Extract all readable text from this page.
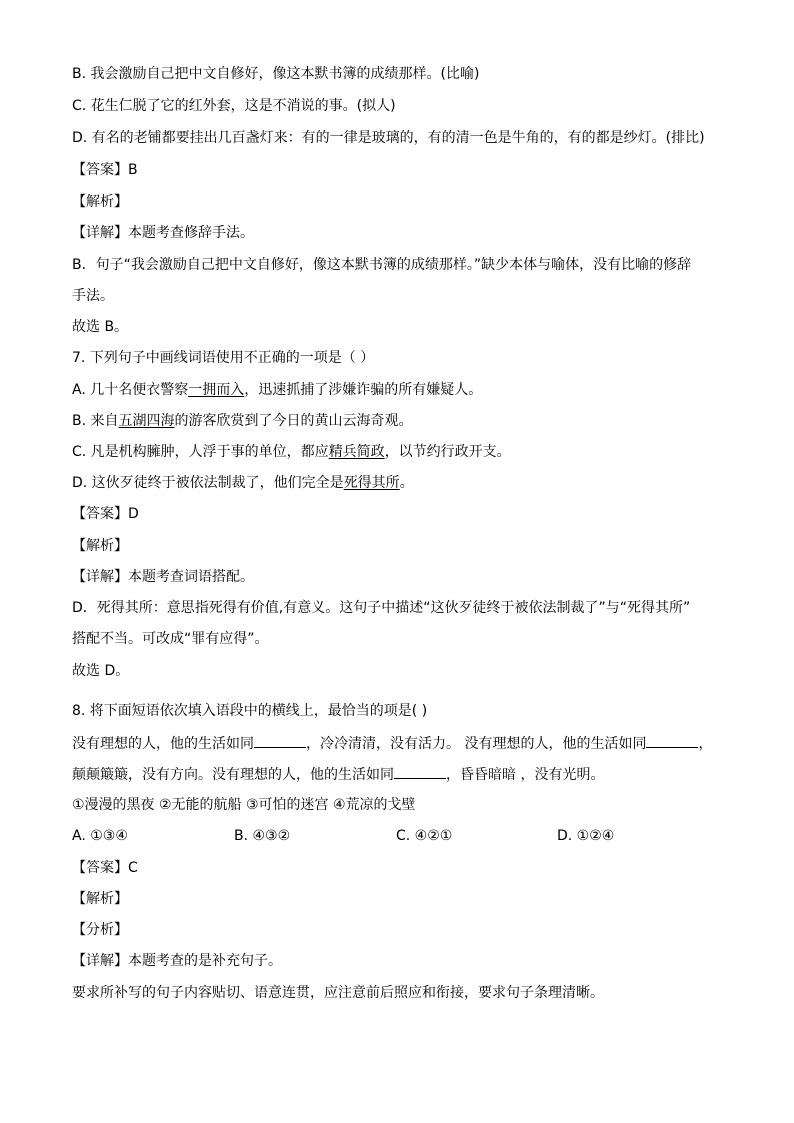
B. 我会激励自己把中文自修好，像这本默书簿的成绩那样。(比喻)
C. 花生仁脱了它的红外套，这是不消说的事。(拟人)
D. 有名的老铺都要挂出几百盏灯来：有的一律是玻璃的，有的清一色是牛角的，有的都是纱灯。(排比)
【答案】B
【解析】
【详解】本题考查修辞手法。
B．句子“我会激励自己把中文自修好，像这本默书簿的成绩那样。”缺少本体与喻体，没有比喻的修辞
手法。
故选 B。
7. 下列句子中画线词语使用不正确的一项是（ ）
A. 几十名便衣警察一拥而入，迅速抓捕了涉嫌诈骗的所有嫌疑人。
B. 来自五湖四海的游客欣赏到了今日的黄山云海奇观。
C. 凡是机构臃肿，人浮于事的单位，都应精兵简政，以节约行政开支。
D. 这伙歹徒终于被依法制裁了，他们完全是死得其所。
【答案】D
【解析】
【详解】本题考查词语搭配。
D．死得其所：意思指死得有价值,有意义。这句子中描述“这伙歹徒终于被依法制裁了”与“死得其所”
搭配不当。可改成“罪有应得”。
故选 D。
8. 将下面短语依次填入语段中的横线上，最恰当的项是( )
没有理想的人，他的生活如同	，冷冷清清，没有活力。 没有理想的人，他的生活如同	，
颠颠簸簸，没有方向。没有理想的人，他的生活如同	，昏昏暗暗 ，没有光明。
①漫漫的黑夜 ②无能的航船 ③可怕的迷宫 ④荒凉的戈壁
A. ①③④	B. ④③②	C. ④②①	D. ①②④
【答案】C
【解析】
【分析】
【详解】本题考查的是补充句子。
要求所补写的句子内容贴切、语意连贯，应注意前后照应和衔接，要求句子条理清晰。
